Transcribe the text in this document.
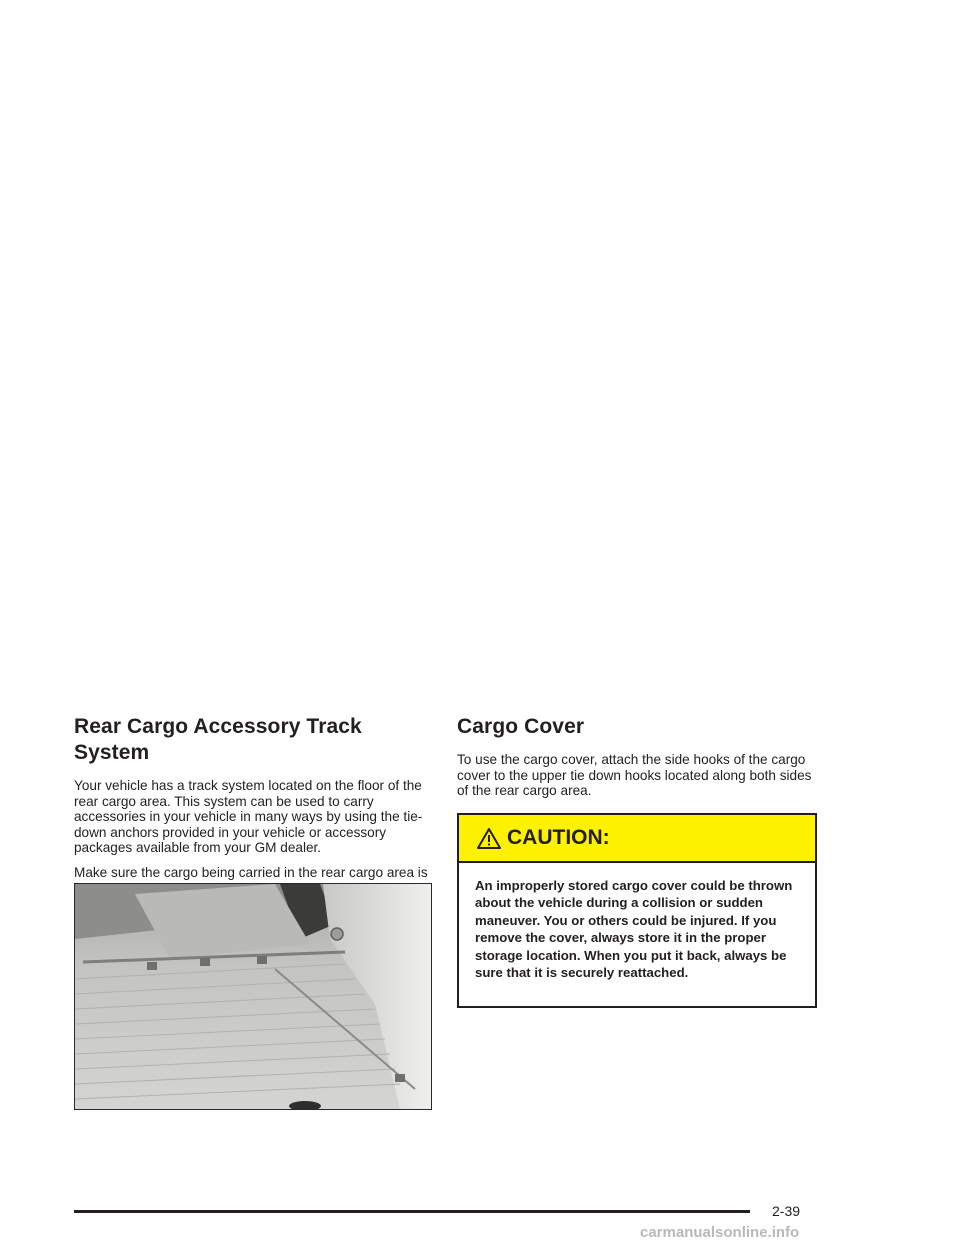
Rear Cargo Accessory Track System

Your vehicle has a track system located on the floor of the rear cargo area. This system can be used to carry accessories in your vehicle in many ways by using the tie-down anchors provided in your vehicle or accessory packages available from your GM dealer.

Make sure the cargo being carried in the rear cargo area is

Cargo Cover

To use the cargo cover, attach the side hooks of the cargo cover to the upper tie down hooks located along both sides of the rear cargo area.

CAUTION:
An improperly stored cargo cover could be thrown about the vehicle during a collision or sudden maneuver. You or others could be injured. If you remove the cover, always store it in the proper storage location. When you put it back, always be sure that it is securely reattached.
2-39
carmanualsonline.info
